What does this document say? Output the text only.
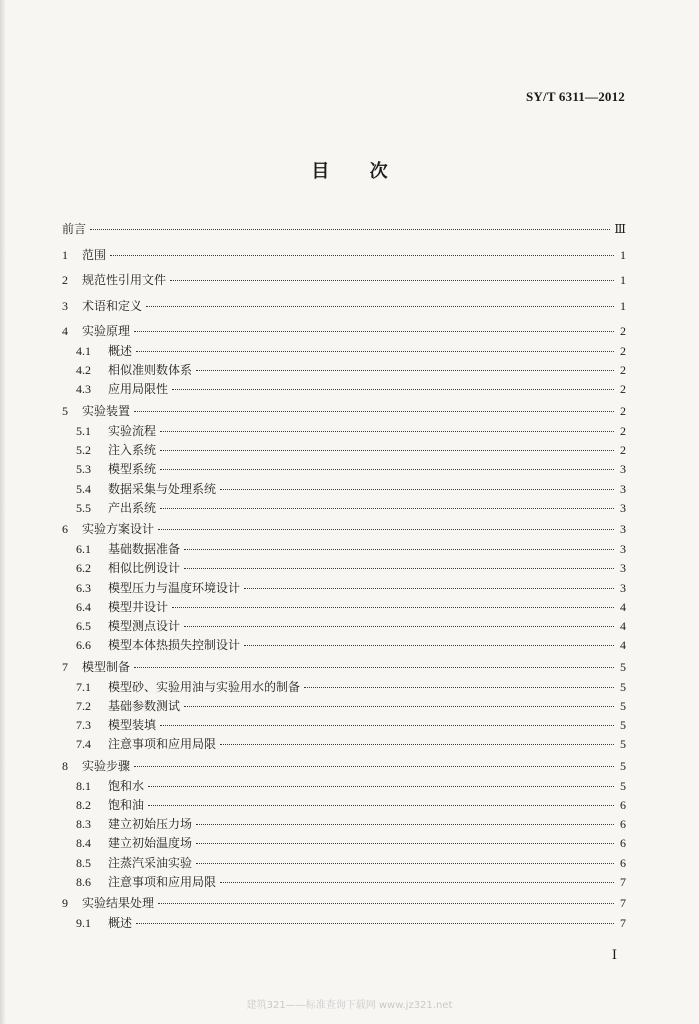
SY/T 6311—2012
目 次
前言	Ⅲ
1	范围	1
2	规范性引用文件	1
3	术语和定义	1
4	实验原理	2
4.1	概述	2
4.2	相似准则数体系	2
4.3	应用局限性	2
5	实验装置	2
5.1	实验流程	2
5.2	注入系统	2
5.3	模型系统	3
5.4	数据采集与处理系统	3
5.5	产出系统	3
6	实验方案设计	3
6.1	基础数据准备	3
6.2	相似比例设计	3
6.3	模型压力与温度环境设计	3
6.4	模型井设计	4
6.5	模型测点设计	4
6.6	模型本体热损失控制设计	4
7	模型制备	5
7.1	模型砂、实验用油与实验用水的制备	5
7.2	基础参数测试	5
7.3	模型装填	5
7.4	注意事项和应用局限	5
8	实验步骤	5
8.1	饱和水	5
8.2	饱和油	6
8.3	建立初始压力场	6
8.4	建立初始温度场	6
8.5	注蒸汽采油实验	6
8.6	注意事项和应用局限	7
9	实验结果处理	7
9.1	概述	7
Ⅰ
建筑321——标准查询下载网 www.jz321.net
